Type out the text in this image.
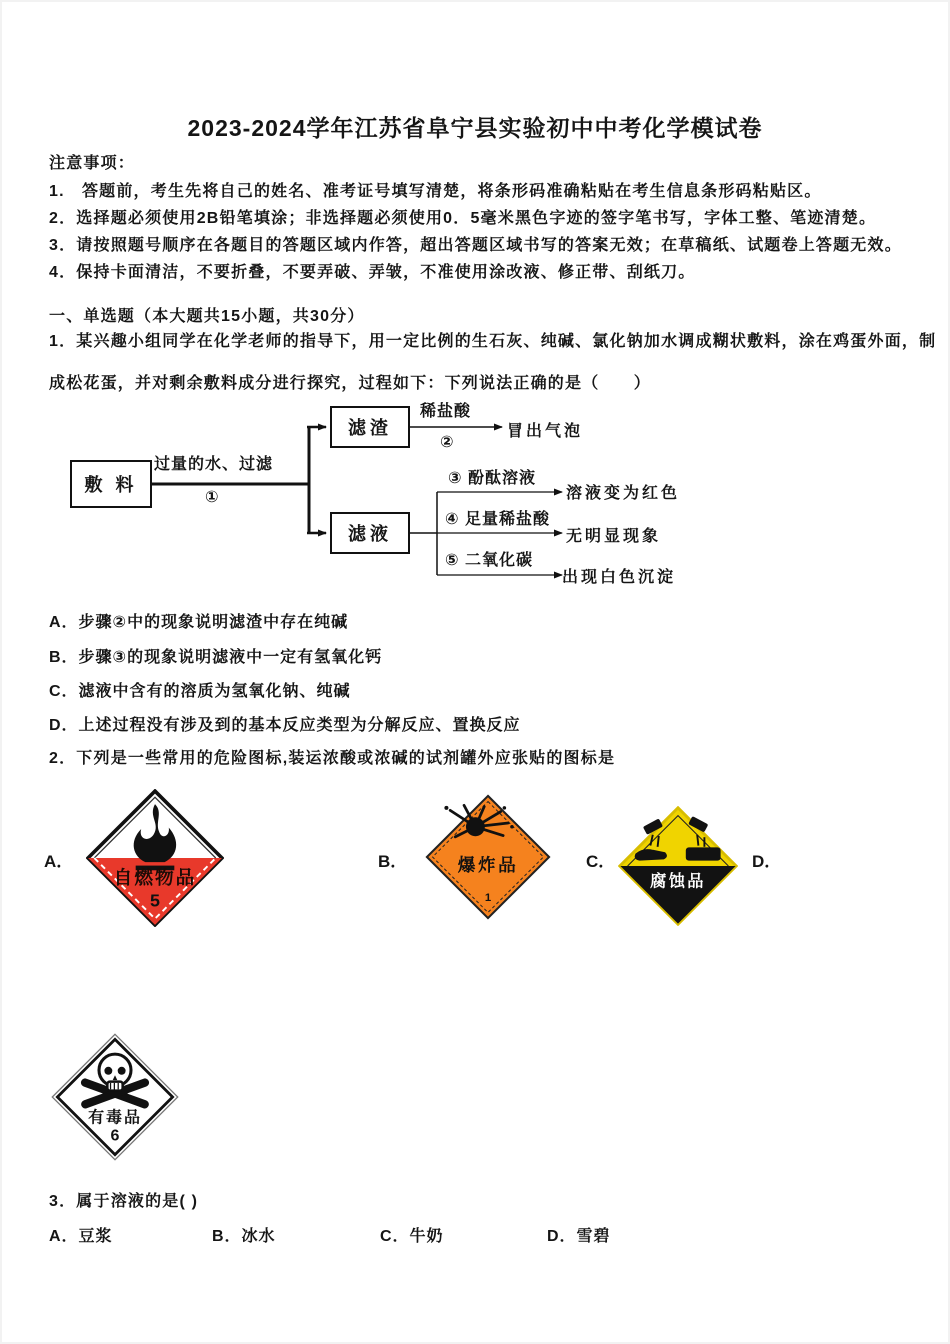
2023-2024学年江苏省阜宁县实验初中中考化学模试卷
注意事项：
1.　答题前，考生先将自己的姓名、准考证号填写清楚，将条形码准确粘贴在考生信息条形码粘贴区。
2．选择题必须使用2B铅笔填涂；非选择题必须使用0．5毫米黑色字迹的签字笔书写，字体工整、笔迹清楚。
3．请按照题号顺序在各题目的答题区域内作答，超出答题区域书写的答案无效；在草稿纸、试题卷上答题无效。
4．保持卡面清洁，不要折叠，不要弄破、弄皱，不准使用涂改液、修正带、刮纸刀。
一、单选题（本大题共15小题，共30分）
1．某兴趣小组同学在化学老师的指导下，用一定比例的生石灰、纯碱、氯化钠加水调成糊状敷料，涂在鸡蛋外面，制
成松花蛋，并对剩余敷料成分进行探究，过程如下：下列说法正确的是（　　）
敷 料
过量的水、过滤
①
滤渣
稀盐酸
②
冒出气泡
滤液
③ 酚酞溶液
溶液变为红色
④ 足量稀盐酸
无明显现象
⑤ 二氧化碳
出现白色沉淀
A．步骤②中的现象说明滤渣中存在纯碱
B．步骤③的现象说明滤液中一定有氢氧化钙
C．滤液中含有的溶质为氢氧化钠、纯碱
D．上述过程没有涉及到的基本反应类型为分解反应、置换反应
2．下列是一些常用的危险图标,装运浓酸或浓碱的试剂罐外应张贴的图标是
A．	B．	C．	D．
自燃物品
5
爆炸品
1
腐蚀品
有毒品
6
3．属于溶液的是( )
A．豆浆	B．冰水	C．牛奶	D．雪碧
